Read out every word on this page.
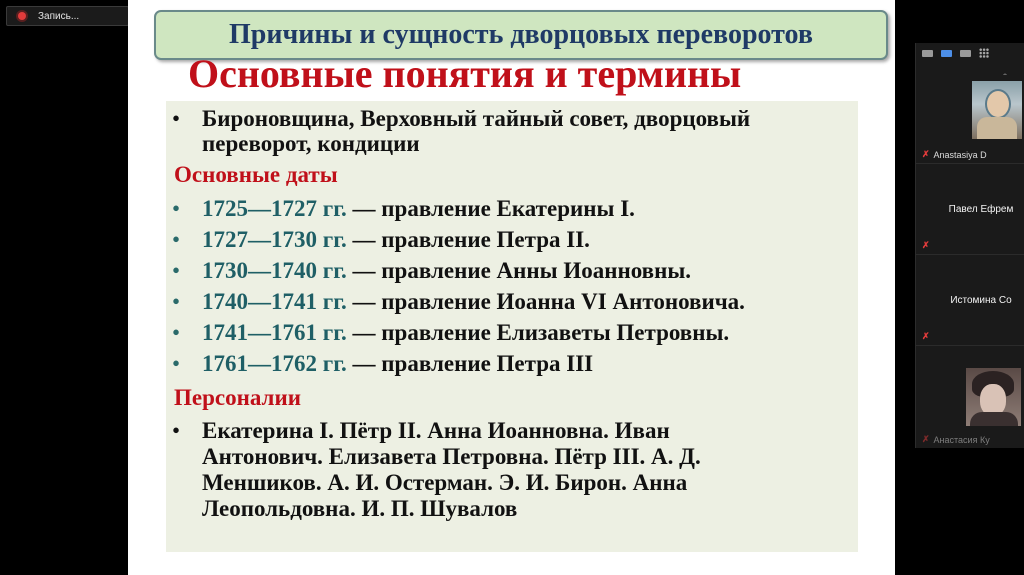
Запись...
Причины и сущность дворцовых переворотов
Основные понятия и термины
• Бироновщина, Верховный тайный совет, дворцовый
переворот, кондиции
Основные даты
• 1725—1727 гг. — правление Екатерины I.
• 1727—1730 гг. — правление Петра II.
• 1730—1740 гг. — правление Анны Иоанновны.
• 1740—1741 гг. — правление Иоанна VI Антоновича.
• 1741—1761 гг. — правление Елизаветы Петровны.
• 1761—1762 гг. — правление Петра III
Персоналии
• Екатерина I. Пётр II. Анна Иоанновна. Иван
Антонович. Елизавета Петровна. Пётр III. А. Д.
Меншиков. А. И. Остерман. Э. И. Бирон. Анна
Леопольдовна. И. П. Шувалов
✗ Anastasiya D
Павел Ефрем
✗
Истомина Со
✗
✗ Анастасия Ку
